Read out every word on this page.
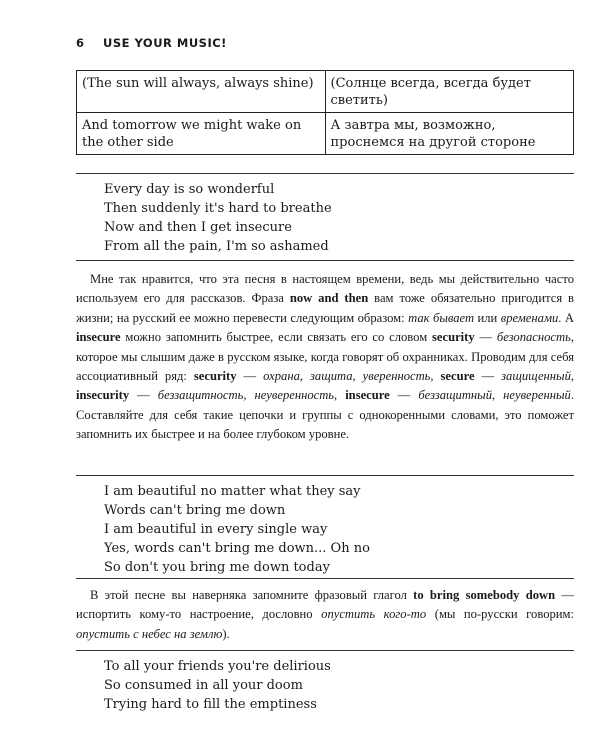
6 USE YOUR MUSIC!
(The sun will always, always shine)	(Солнце всегда, всегда будет светить)
And tomorrow we might wake on the other side	А завтра мы, возможно, проснемся на другой стороне
Every day is so wonderful
Then suddenly it's hard to breathe
Now and then I get insecure
From all the pain, I'm so ashamed
Мне так нравится, что эта песня в настоящем времени, ведь мы действительно часто используем его для рассказов. Фраза now and then вам тоже обязательно пригодится в жизни; на русский ее можно перевести следующим образом: так бывает или временами. А insecure можно запомнить быстрее, если связать его со словом security — безопасность, которое мы слышим даже в русском языке, когда говорят об охранниках. Проводим для себя ассоциативный ряд: security — охрана, защита, уверенность, secure — защищенный, insecurity — беззащитность, неуверенность, insecure — беззащитный, неуверенный. Составляйте для себя такие цепочки и группы с однокоренными словами, это поможет запомнить их быстрее и на более глубоком уровне.
I am beautiful no matter what they say
Words can't bring me down
I am beautiful in every single way
Yes, words can't bring me down... Oh no
So don't you bring me down today
В этой песне вы наверняка запомните фразовый глагол to bring somebody down — испортить кому-то настроение, дословно опустить кого-то (мы по-русски говорим: опустить с небес на землю).
To all your friends you're delirious
So consumed in all your doom
Trying hard to fill the emptiness
